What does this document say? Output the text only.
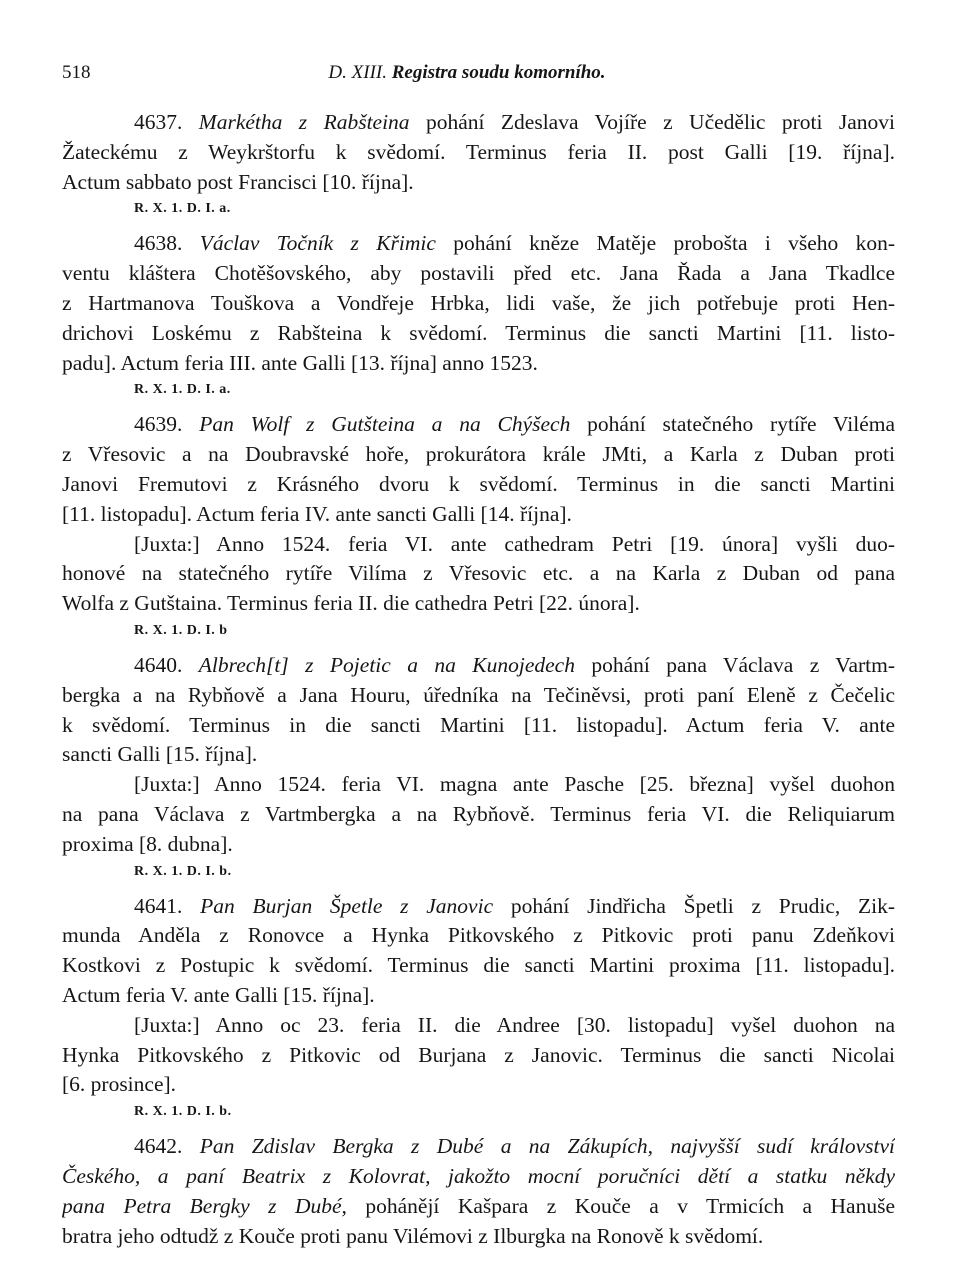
518	D. XIII. Registra soudu komorního.
4637. Markétha z Rabšteina pohání Zdeslava Vojíře z Učedělic proti Janovi
Žateckému z Weykrštorfu k svědomí. Terminus feria II. post Galli [19. října].
Actum sabbato post Francisci [10. října].
R. X. 1. D. I. a.
4638. Václav Točník z Křimic pohání kněze Matěje probošta i všeho kon-
ventu kláštera Chotěšovského, aby postavili před etc. Jana Řada a Jana Tkadlce
z Hartmanova Touškova a Vondřeje Hrbka, lidi vaše, že jich potřebuje proti Hen-
drichovi Loskému z Rabšteina k svědomí. Terminus die sancti Martini [11. listo-
padu]. Actum feria III. ante Galli [13. října] anno 1523.
R. X. 1. D. I. a.
4639. Pan Wolf z Gutšteina a na Chýšech pohání statečného rytíře Viléma
z Vřesovic a na Doubravské hoře, prokurátora krále JMti, a Karla z Duban proti
Janovi Fremutovi z Krásného dvoru k svědomí. Terminus in die sancti Martini
[11. listopadu]. Actum feria IV. ante sancti Galli [14. října].
[Juxta:] Anno 1524. feria VI. ante cathedram Petri [19. února] vyšli duo-
honové na statečného rytíře Vilíma z Vřesovic etc. a na Karla z Duban od pana
Wolfa z Gutštaina. Terminus feria II. die cathedra Petri [22. února].
R. X. 1. D. I. b
4640. Albrech[t] z Pojetic a na Kunojedech pohání pana Václava z Vartm-
bergka a na Rybňově a Jana Houru, úředníka na Tečiněvsi, proti paní Eleně z Čečelic
k svědomí. Terminus in die sancti Martini [11. listopadu]. Actum feria V. ante
sancti Galli [15. října].
[Juxta:] Anno 1524. feria VI. magna ante Pasche [25. března] vyšel duohon
na pana Václava z Vartmbergka a na Rybňově. Terminus feria VI. die Reliquiarum
proxima [8. dubna].
R. X. 1. D. I. b.
4641. Pan Burjan Špetle z Janovic pohání Jindřicha Špetli z Prudic, Zik-
munda Anděla z Ronovce a Hynka Pitkovského z Pitkovic proti panu Zdeňkovi
Kostkovi z Postupic k svědomí. Terminus die sancti Martini proxima [11. listopadu].
Actum feria V. ante Galli [15. října].
[Juxta:] Anno oc 23. feria II. die Andree [30. listopadu] vyšel duohon na
Hynka Pitkovského z Pitkovic od Burjana z Janovic. Terminus die sancti Nicolai
[6. prosince].
R. X. 1. D. I. b.
4642. Pan Zdislav Bergka z Dubé a na Zákupích, najvyšší sudí království
Českého, a paní Beatrix z Kolovrat, jakožto mocní poručníci dětí a statku někdy
pana Petra Bergky z Dubé, pohánějí Kašpara z Kouče a v Trmicích a Hanuše
bratra jeho odtudž z Kouče proti panu Vilémovi z Ilburgka na Ronově k svědomí.
